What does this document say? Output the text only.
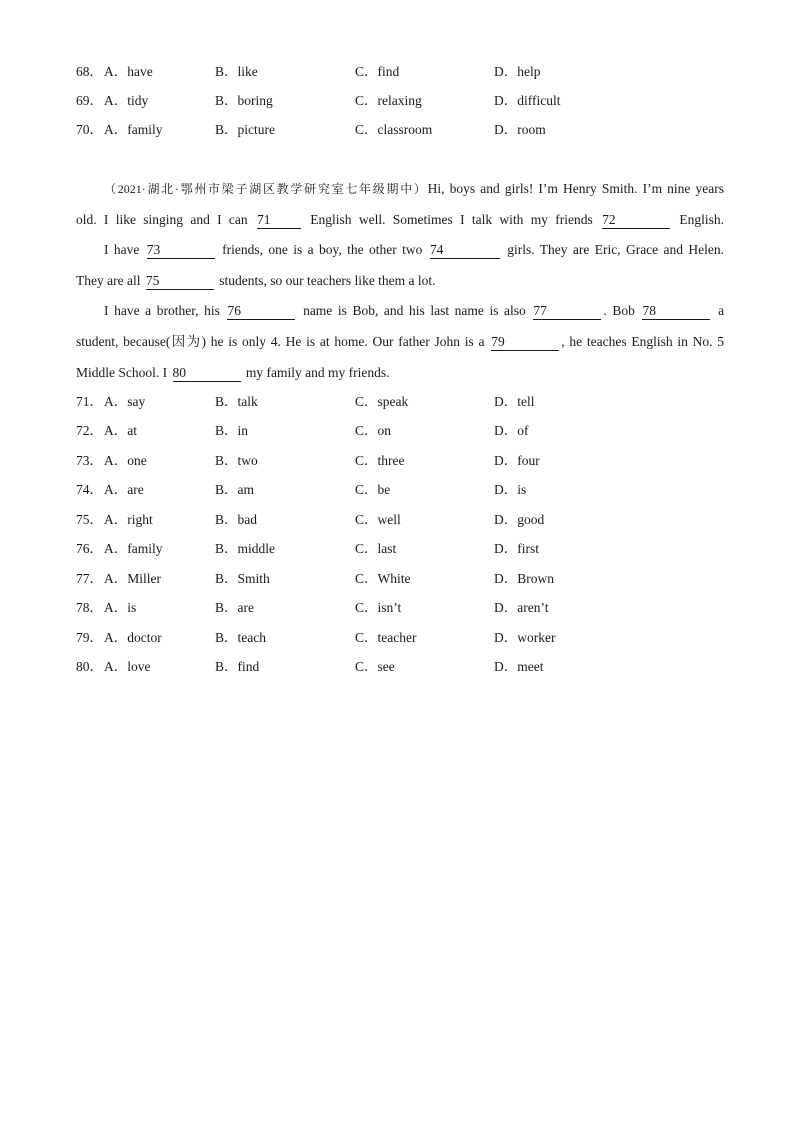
68． A．have	B．like	C．find	D．help
69． A．tidy	B．boring	C．relaxing	D．difficult
70． A．family	B．picture	C．classroom	D．room
（2021·湖北·鄂州市梁子湖区教学研究室七年级期中）Hi, boys and girls! I’m Henry Smith. I’m nine years
old. I like singing and I can 71	English well. Sometimes I talk with my friends 72	English.
I have 73	friends, one is a boy, the other two 74	girls. They are Eric, Grace and Helen.
They are all 75	students, so our teachers like them a lot.
I have a brother, his 76	name is Bob, and his last name is also 77	. Bob 78	a
student, because(因为) he is only 4. He is at home. Our father John is a 79	, he teaches English in No. 5
Middle School. I 80	my family and my friends.
71． A．say	B．talk	C．speak	D．tell
72． A．at	B．in	C．on	D．of
73． A．one	B．two	C．three	D．four
74． A．are	B．am	C．be	D．is
75． A．right	B．bad	C．well	D．good
76． A．family	B．middle	C．last	D．first
77． A．Miller	B．Smith	C．White	D．Brown
78． A．is	B．are	C．isn’t	D．aren’t
79． A．doctor	B．teach	C．teacher	D．worker
80． A．love	B．find	C．see	D．meet
